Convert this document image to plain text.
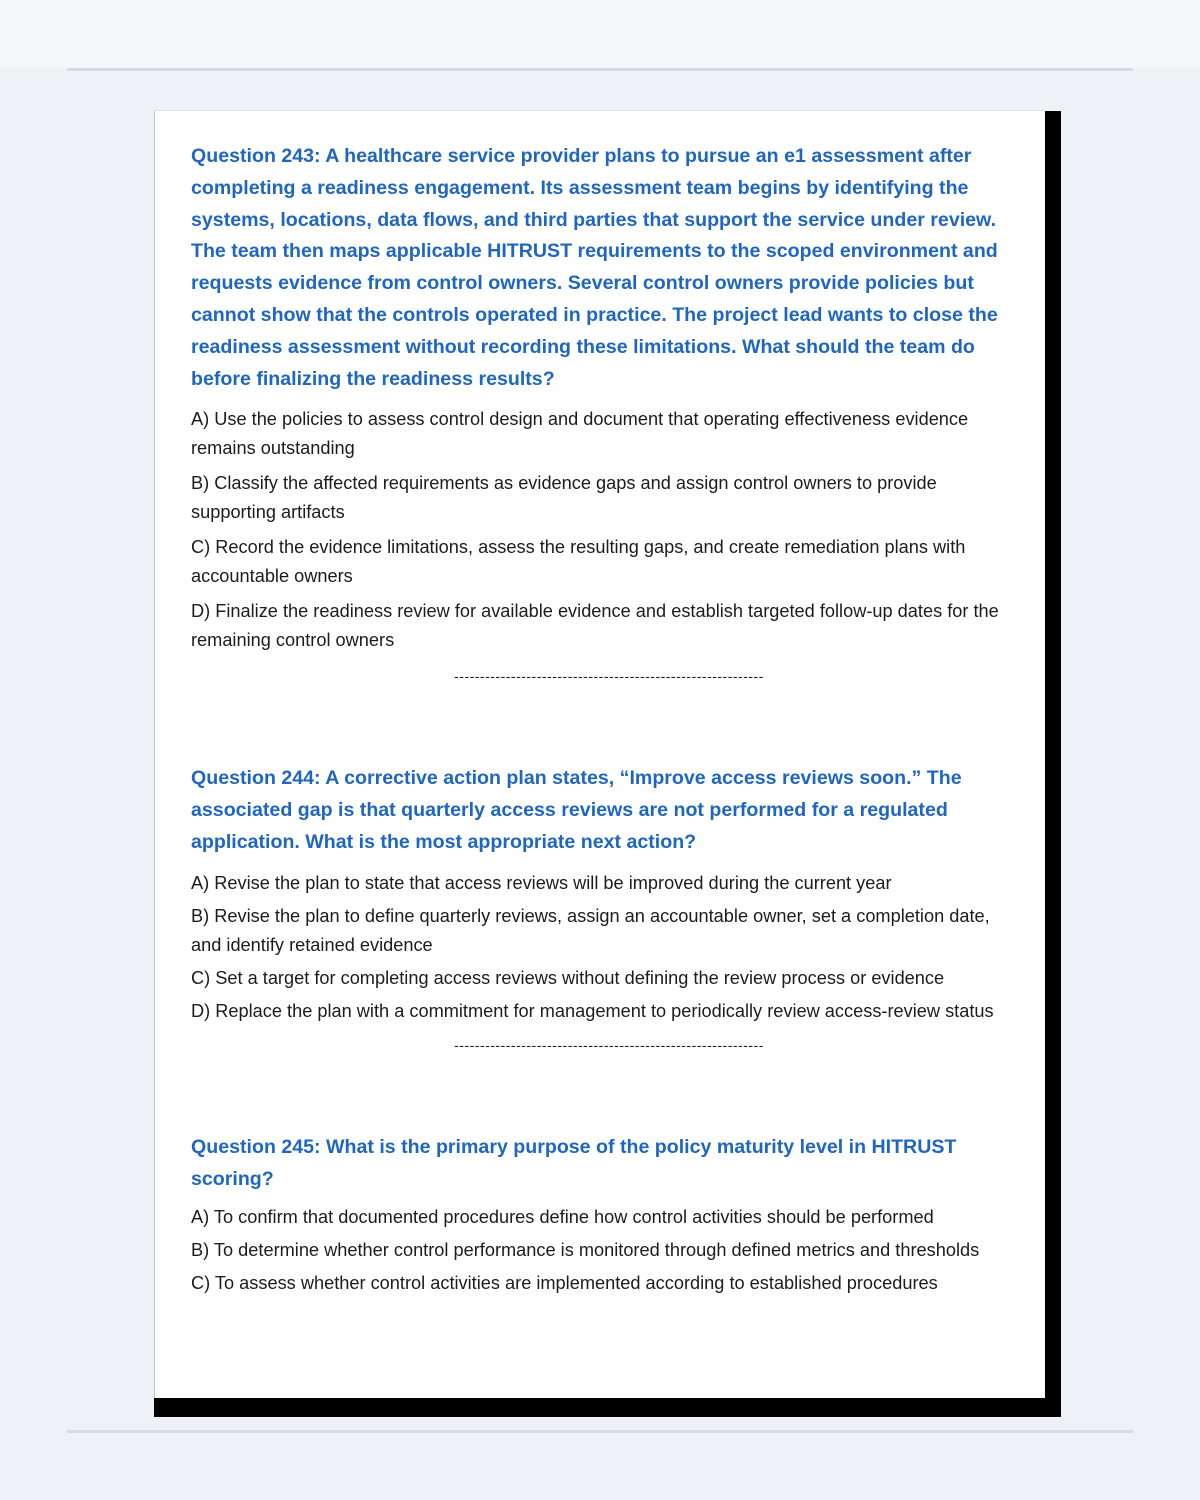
Question 243: A healthcare service provider plans to pursue an e1 assessment after completing a readiness engagement. Its assessment team begins by identifying the systems, locations, data flows, and third parties that support the service under review. The team then maps applicable HITRUST requirements to the scoped environment and requests evidence from control owners. Several control owners provide policies but cannot show that the controls operated in practice. The project lead wants to close the readiness assessment without recording these limitations. What should the team do before finalizing the readiness results?

A) Use the policies to assess control design and document that operating effectiveness evidence remains outstanding
B) Classify the affected requirements as evidence gaps and assign control owners to provide supporting artifacts
C) Record the evidence limitations, assess the resulting gaps, and create remediation plans with accountable owners
D) Finalize the readiness review for available evidence and establish targeted follow-up dates for the remaining control owners
------------------------------------------------------------

Question 244: A corrective action plan states, “Improve access reviews soon.” The associated gap is that quarterly access reviews are not performed for a regulated application. What is the most appropriate next action?

A) Revise the plan to state that access reviews will be improved during the current year
B) Revise the plan to define quarterly reviews, assign an accountable owner, set a completion date, and identify retained evidence
C) Set a target for completing access reviews without defining the review process or evidence
D) Replace the plan with a commitment for management to periodically review access-review status
------------------------------------------------------------

Question 245: What is the primary purpose of the policy maturity level in HITRUST scoring?

A) To confirm that documented procedures define how control activities should be performed
B) To determine whether control performance is monitored through defined metrics and thresholds
C) To assess whether control activities are implemented according to established procedures
